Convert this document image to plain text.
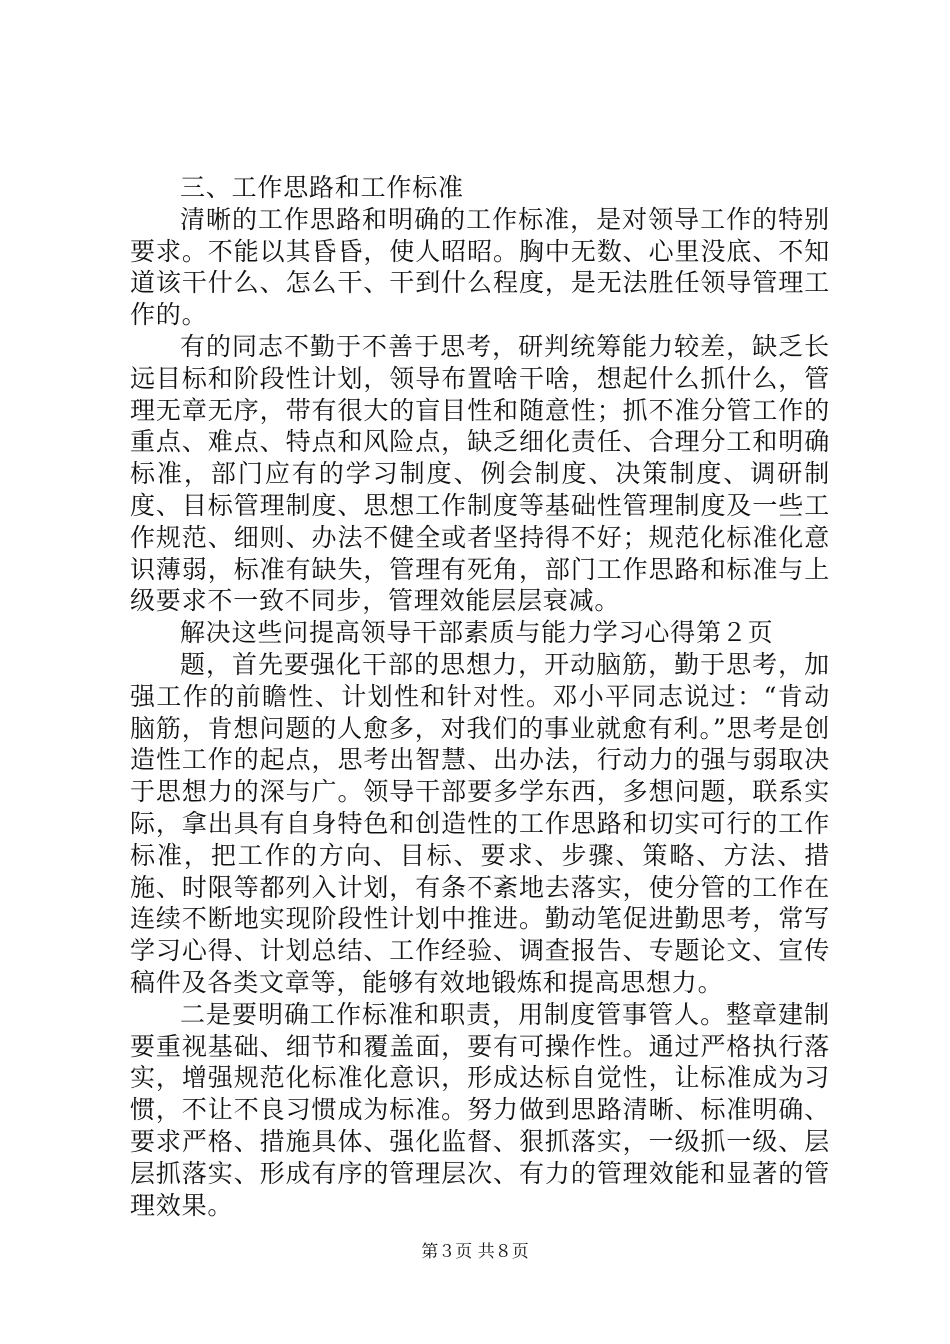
三、工作思路和工作标准

清晰的工作思路和明确的工作标准，是对领导工作的特别要求。不能以其昏昏，使人昭昭。胸中无数、心里没底、不知道该干什么、怎么干、干到什么程度，是无法胜任领导管理工作的。

有的同志不勤于不善于思考，研判统筹能力较差，缺乏长远目标和阶段性计划，领导布置啥干啥，想起什么抓什么，管理无章无序，带有很大的盲目性和随意性；抓不准分管工作的重点、难点、特点和风险点，缺乏细化责任、合理分工和明确标准，部门应有的学习制度、例会制度、决策制度、调研制度、目标管理制度、思想工作制度等基础性管理制度及一些工作规范、细则、办法不健全或者坚持得不好；规范化标准化意识薄弱，标准有缺失，管理有死角，部门工作思路和标准与上级要求不一致不同步，管理效能层层衰减。

解决这些问提高领导干部素质与能力学习心得第２页

题，首先要强化干部的思想力，开动脑筋，勤于思考，加强工作的前瞻性、计划性和针对性。邓小平同志说过：“肯动脑筋，肯想问题的人愈多，对我们的事业就愈有利。”思考是创造性工作的起点，思考出智慧、出办法，行动力的强与弱取决于思想力的深与广。领导干部要多学东西，多想问题，联系实际，拿出具有自身特色和创造性的工作思路和切实可行的工作标准，把工作的方向、目标、要求、步骤、策略、方法、措施、时限等都列入计划，有条不紊地去落实，使分管的工作在连续不断地实现阶段性计划中推进。勤动笔促进勤思考，常写学习心得、计划总结、工作经验、调查报告、专题论文、宣传稿件及各类文章等，能够有效地锻炼和提高思想力。

二是要明确工作标准和职责，用制度管事管人。整章建制要重视基础、细节和覆盖面，要有可操作性。通过严格执行落实，增强规范化标准化意识，形成达标自觉性，让标准成为习惯，不让不良习惯成为标准。努力做到思路清晰、标准明确、要求严格、措施具体、强化监督、狠抓落实，一级抓一级、层层抓落实、形成有序的管理层次、有力的管理效能和显著的管理效果。

第３页 共８页
